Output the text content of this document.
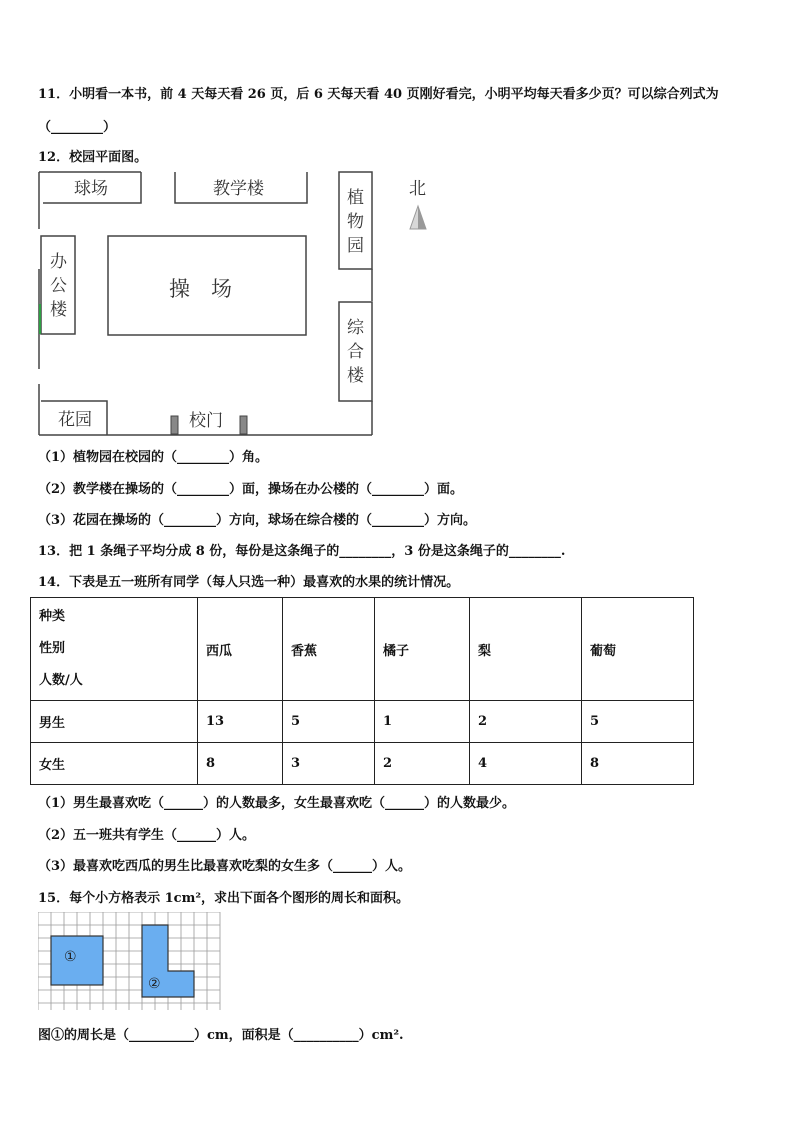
11．小明看一本书，前 4 天每天看 26 页，后 6 天每天看 40 页刚好看完，小明平均每天看多少页？可以综合列式为
（________）
12．校园平面图。
球场	教学楼	植
物
园
北
办
公
楼
操　场
综
合
楼
花园	校门
（1）植物园在校园的（________）角。
（2）教学楼在操场的（________）面，操场在办公楼的（________）面。
（3）花园在操场的（________）方向，球场在综合楼的（________）方向。
13．把 1 条绳子平均分成 8 份，每份是这条绳子的________，3 份是这条绳子的________.
14．下表是五一班所有同学（每人只选一种）最喜欢的水果的统计情况。
种类
性别
人数/人	西瓜	香蕉	橘子	梨	葡萄
男生	13	5	1	2	5
女生	8	3	2	4	8
（1）男生最喜欢吃（______）的人数最多，女生最喜欢吃（______）的人数最少。
（2）五一班共有学生（______）人。
（3）最喜欢吃西瓜的男生比最喜欢吃梨的女生多（______）人。
15．每个小方格表示 1cm²，求出下面各个图形的周长和面积。
①
②
图①的周长是（__________）cm，面积是（__________）cm².
